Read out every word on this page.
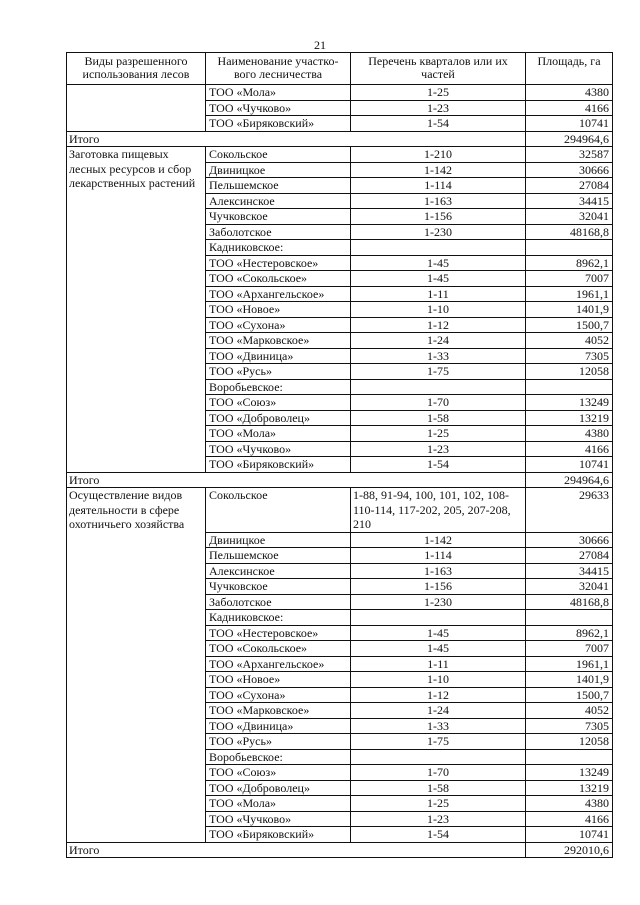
21
Виды разрешенного использования лесов	Наименование участко-вого лесничества	Перечень кварталов или их частей	Площадь, га
	ТОО «Мола»	1-25	4380
	ТОО «Чучково»	1-23	4166
	ТОО «Биряковский»	1-54	10741
Итого			294964,6
Заготовка пищевых лесных ресурсов и сбор лекарственных растений	Сокольское	1-210	32587
	Двиницкое	1-142	30666
	Пельшемское	1-114	27084
	Алексинское	1-163	34415
	Чучковское	1-156	32041
	Заболотское	1-230	48168,8
	Кадниковское:		
	ТОО «Нестеровское»	1-45	8962,1
	ТОО «Сокольское»	1-45	7007
	ТОО «Архангельское»	1-11	1961,1
	ТОО «Новое»	1-10	1401,9
	ТОО «Сухона»	1-12	1500,7
	ТОО «Марковское»	1-24	4052
	ТОО «Двиница»	1-33	7305
	ТОО «Русь»	1-75	12058
	Воробьевское:		
	ТОО «Союз»	1-70	13249
	ТОО «Доброволец»	1-58	13219
	ТОО «Мола»	1-25	4380
	ТОО «Чучково»	1-23	4166
	ТОО «Биряковский»	1-54	10741
Итого			294964,6
Осуществление видов деятельности в сфере охотничьего хозяйства	Сокольское	1-88, 91-94, 100, 101, 102, 108-110-114, 117-202, 205, 207-208, 210	29633
	Двиницкое	1-142	30666
	Пельшемское	1-114	27084
	Алексинское	1-163	34415
	Чучковское	1-156	32041
	Заболотское	1-230	48168,8
	Кадниковское:		
	ТОО «Нестеровское»	1-45	8962,1
	ТОО «Сокольское»	1-45	7007
	ТОО «Архангельское»	1-11	1961,1
	ТОО «Новое»	1-10	1401,9
	ТОО «Сухона»	1-12	1500,7
	ТОО «Марковское»	1-24	4052
	ТОО «Двиница»	1-33	7305
	ТОО «Русь»	1-75	12058
	Воробьевское:		
	ТОО «Союз»	1-70	13249
	ТОО «Доброволец»	1-58	13219
	ТОО «Мола»	1-25	4380
	ТОО «Чучково»	1-23	4166
	ТОО «Биряковский»	1-54	10741
Итого			292010,6
